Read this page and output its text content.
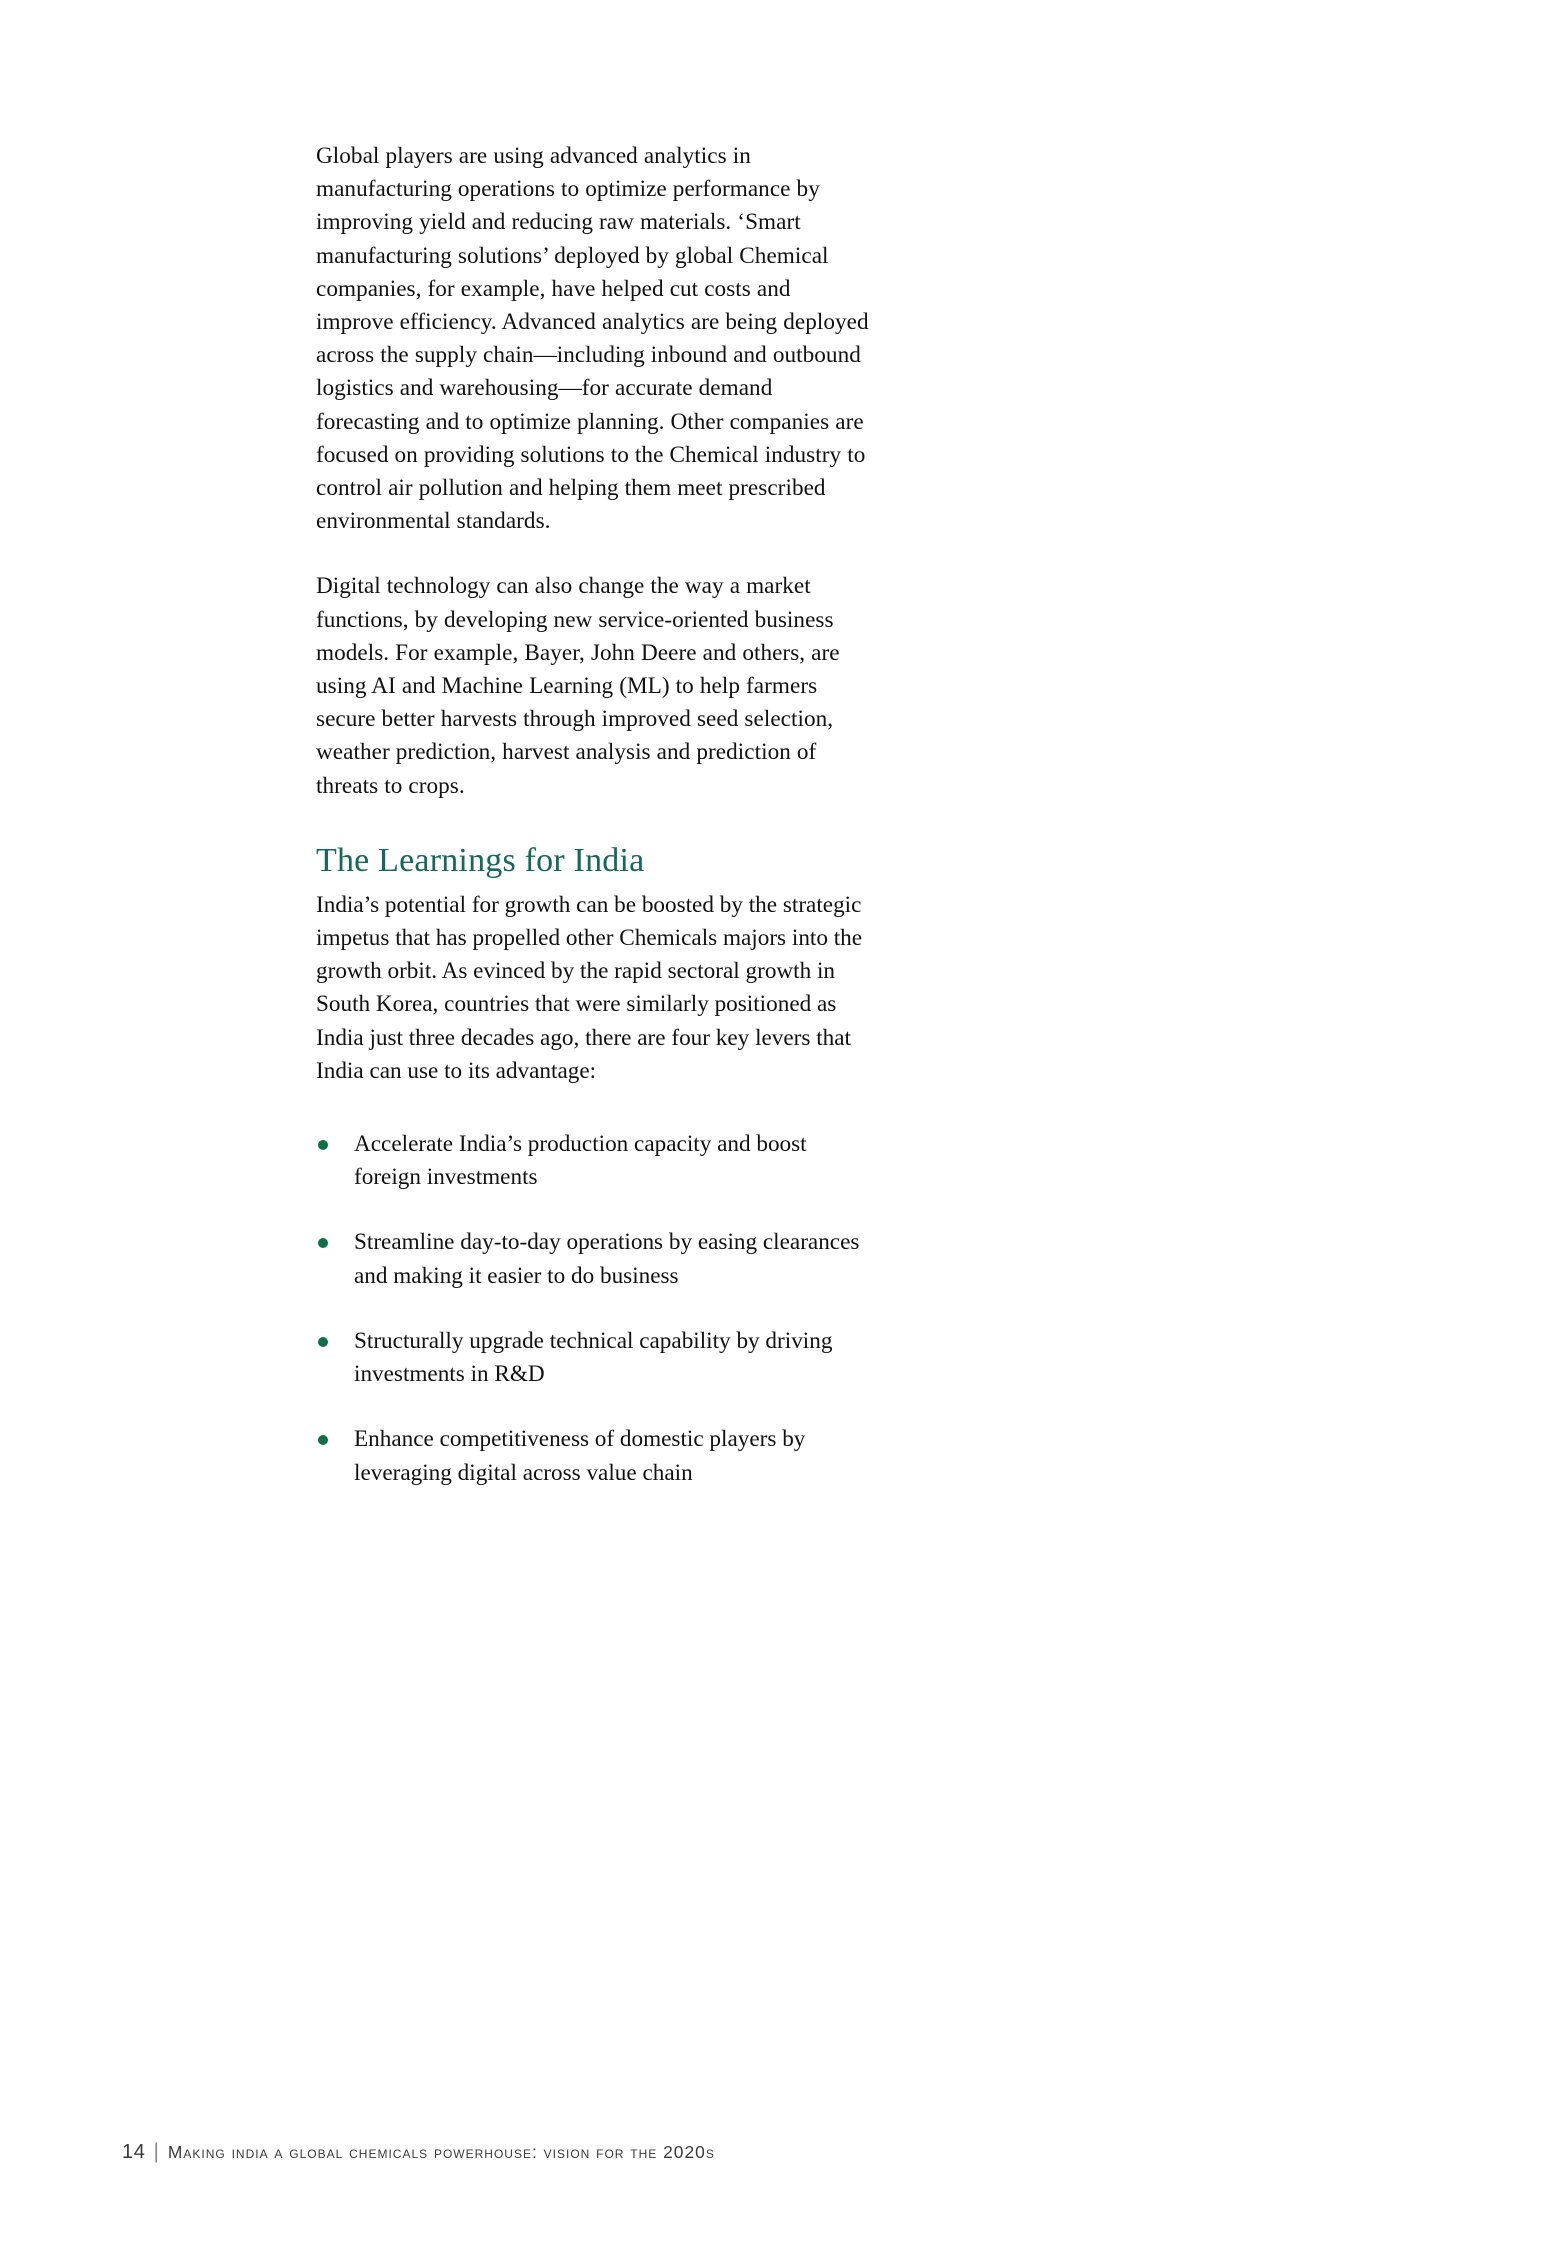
Global players are using advanced analytics in manufacturing operations to optimize performance by improving yield and reducing raw materials. ‘Smart manufacturing solutions’ deployed by global Chemical companies, for example, have helped cut costs and improve efficiency. Advanced analytics are being deployed across the supply chain—including inbound and outbound logistics and warehousing—for accurate demand forecasting and to optimize planning. Other companies are focused on providing solutions to the Chemical industry to control air pollution and helping them meet prescribed environmental standards.

Digital technology can also change the way a market functions, by developing new service-oriented business models. For example, Bayer, John Deere and others, are using AI and Machine Learning (ML) to help farmers secure better harvests through improved seed selection, weather prediction, harvest analysis and prediction of threats to crops.

The Learnings for India

India’s potential for growth can be boosted by the strategic impetus that has propelled other Chemicals majors into the growth orbit. As evinced by the rapid sectoral growth in South Korea, countries that were similarly positioned as India just three decades ago, there are four key levers that India can use to its advantage:

Accelerate India’s production capacity and boost foreign investments
Streamline day-to-day operations by easing clearances and making it easier to do business
Structurally upgrade technical capability by driving investments in R&D
Enhance competitiveness of domestic players by leveraging digital across value chain
14 | making india a global chemicals powerhouse: vision for the 2020s
